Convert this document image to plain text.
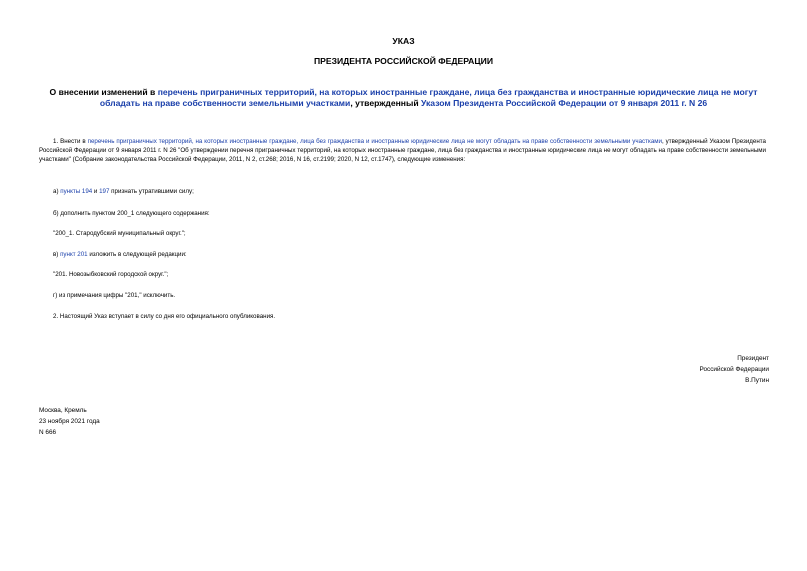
УКАЗ
ПРЕЗИДЕНТА РОССИЙСКОЙ ФЕДЕРАЦИИ
О внесении изменений в перечень приграничных территорий, на которых иностранные граждане, лица без гражданства и иностранные юридические лица не могут обладать на праве собственности земельными участками, утвержденный Указом Президента Российской Федерации от 9 января 2011 г. N 26
1. Внести в перечень приграничных территорий, на которых иностранные граждане, лица без гражданства и иностранные юридические лица не могут обладать на праве собственности земельными участками, утвержденный Указом Президента Российской Федерации от 9 января 2011 г. N 26 "Об утверждении перечня приграничных территорий, на которых иностранные граждане, лица без гражданства и иностранные юридические лица не могут обладать на праве собственности земельными участками" (Собрание законодательства Российской Федерации, 2011, N 2, ст.268; 2016, N 16, ст.2199; 2020, N 12, ст.1747), следующие изменения:
а) пункты 194 и 197 признать утратившими силу;
б) дополнить пунктом 200_1 следующего содержания:
"200_1. Стародубский муниципальный округ.";
в) пункт 201 изложить в следующей редакции:
"201. Новозыбковский городской округ.";
г) из примечания цифры "201," исключить.
2. Настоящий Указ вступает в силу со дня его официального опубликования.
Президент
Российской Федерации
В.Путин
Москва, Кремль
23 ноября 2021 года
N 666
